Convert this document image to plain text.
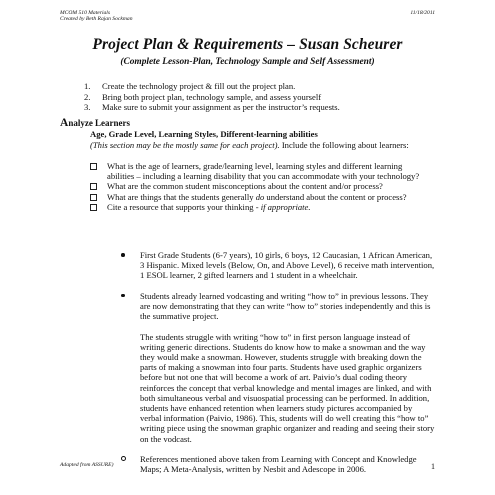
MCOM 510 Materials
Created by Beth Rajan Sockman
11/18/2011
Project Plan & Requirements – Susan Scheurer
(Complete Lesson-Plan, Technology Sample and Self Assessment)
1. Create the technology project & fill out the project plan.
2. Bring both project plan, technology sample, and assess yourself
3. Make sure to submit your assignment as per the instructor’s requests.
Analyze Learners
Age, Grade Level, Learning Styles, Different-learning abilities
(This section may be the mostly same for each project). Include the following about learners:
What is the age of learners, grade/learning level, learning styles and different learning abilities – including a learning disability that you can accommodate with your technology?
What are the common student misconceptions about the content and/or process?
What are things that the students generally do understand about the content or process?
Cite a resource that supports your thinking - if appropriate.

First Grade Students (6-7 years), 10 girls, 6 boys, 12 Caucasian, 1 African American, 3 Hispanic. Mixed levels (Below, On, and Above Level), 6 receive math intervention, 1 ESOL learner, 2 gifted learners and 1 student in a wheelchair.

Students already learned vodcasting and writing “how to” in previous lessons. They are now demonstrating that they can write “how to” stories independently and this is the summative project.

The students struggle with writing “how to” in first person language instead of writing generic directions. Students do know how to make a snowman and the way they would make a snowman. However, students struggle with breaking down the parts of making a snowman into four parts. Students have used graphic organizers before but not one that will become a work of art. Paivio’s dual coding theory reinforces the concept that verbal knowledge and mental images are linked, and with both simultaneous verbal and visuospatial processing can be performed. In addition, students have enhanced retention when learners study pictures accompanied by verbal information (Paivio, 1986). This, students will do well creating this “how to” writing piece using the snowman graphic organizer and reading and seeing their story on the vodcast.

References mentioned above taken from Learning with Concept and Knowledge Maps; A Meta-Analysis, written by Nesbit and Adescope in 2006.

Adapted from ASSURE)	1
